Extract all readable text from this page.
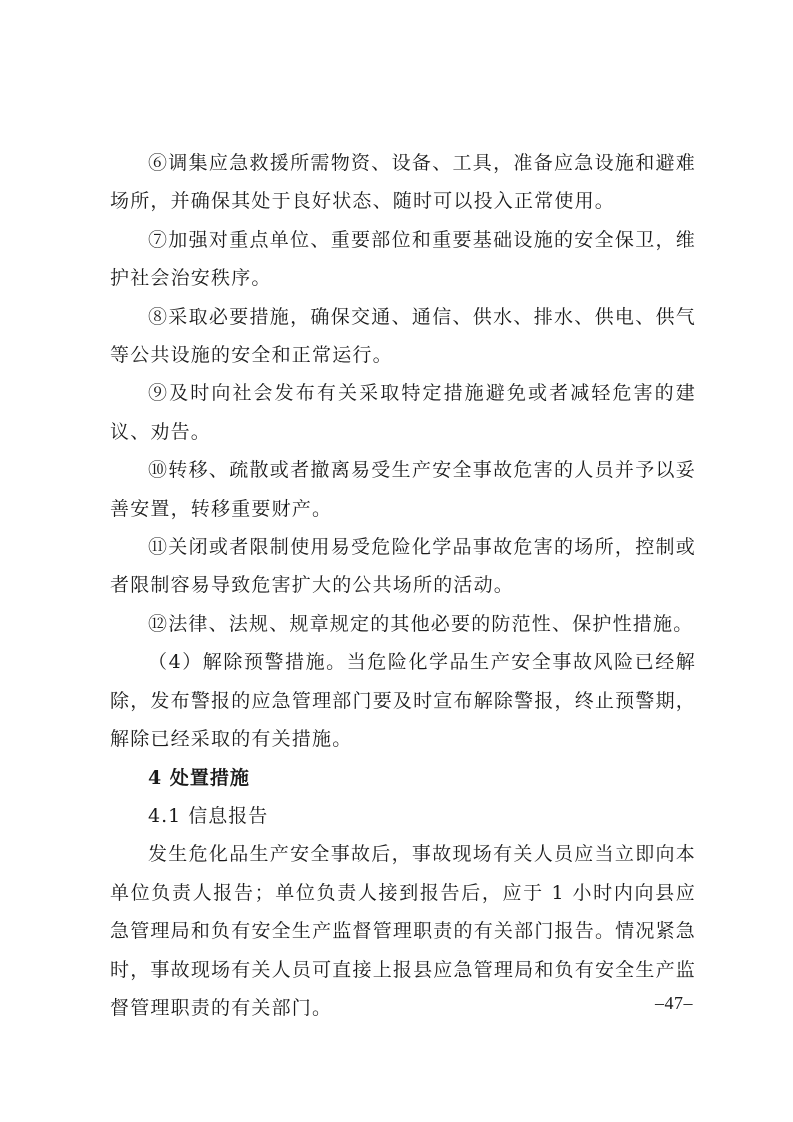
⑥调集应急救援所需物资、设备、工具，准备应急设施和避难场所，并确保其处于良好状态、随时可以投入正常使用。

⑦加强对重点单位、重要部位和重要基础设施的安全保卫，维护社会治安秩序。

⑧采取必要措施，确保交通、通信、供水、排水、供电、供气等公共设施的安全和正常运行。

⑨及时向社会发布有关采取特定措施避免或者减轻危害的建议、劝告。

⑩转移、疏散或者撤离易受生产安全事故危害的人员并予以妥善安置，转移重要财产。

⑪关闭或者限制使用易受危险化学品事故危害的场所，控制或者限制容易导致危害扩大的公共场所的活动。

⑫法律、法规、规章规定的其他必要的防范性、保护性措施。

（4）解除预警措施。当危险化学品生产安全事故风险已经解除，发布警报的应急管理部门要及时宣布解除警报，终止预警期，解除已经采取的有关措施。

4 处置措施

4.1 信息报告

发生危化品生产安全事故后，事故现场有关人员应当立即向本单位负责人报告；单位负责人接到报告后，应于 1 小时内向县应急管理局和负有安全生产监督管理职责的有关部门报告。情况紧急时，事故现场有关人员可直接上报县应急管理局和负有安全生产监督管理职责的有关部门。	–47–
